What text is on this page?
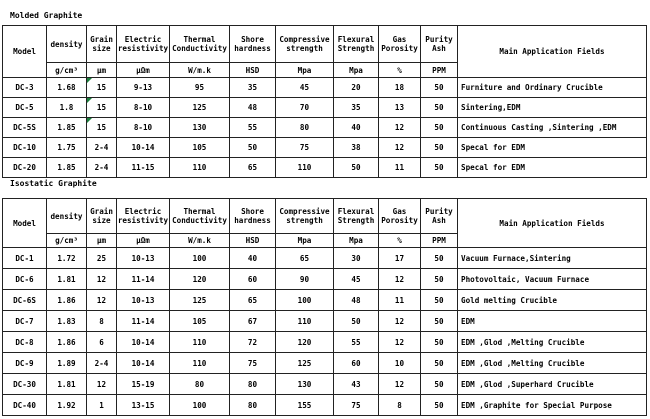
Molded Graphite
Model	density	Grain size	Electric resistivity	Thermal Conductivity	Shore hardness	Compressive strength	Flexural Strength	Gas Porosity	Purity Ash	Main Application Fields
	g/cm³	μm	μΩm	W/m.k	HSD	Mpa	Mpa	%	PPM	
DC-3	1.68	15	9-13	95	35	45	20	18	50	Furniture and Ordinary Crucible
DC-5	1.8	15	8-10	125	48	70	35	13	50	Sintering,EDM
DC-5S	1.85	15	8-10	130	55	80	40	12	50	Continuous Casting ,Sintering ,EDM
DC-10	1.75	2-4	10-14	105	50	75	38	12	50	Specal for EDM
DC-20	1.85	2-4	11-15	110	65	110	50	11	50	Specal for EDM
Isostatic Graphite
Model	density	Grain size	Electric resistivity	Thermal Conductivity	Shore hardness	Compressive strength	Flexural Strength	Gas Porosity	Purity Ash	Main Application Fields
	g/cm³	μm	μΩm	W/m.k	HSD	Mpa	Mpa	%	PPM	
DC-1	1.72	25	10-13	100	40	65	30	17	50	Vacuum Furnace,Sintering
DC-6	1.81	12	11-14	120	60	90	45	12	50	Photovoltaic, Vacuum Furnace
DC-6S	1.86	12	10-13	125	65	100	48	11	50	Gold melting Crucible
DC-7	1.83	8	11-14	105	67	110	50	12	50	EDM
DC-8	1.86	6	10-14	110	72	120	55	12	50	EDM ,Glod ,Melting Crucible
DC-9	1.89	2-4	10-14	110	75	125	60	10	50	EDM ,Glod ,Melting Crucible
DC-30	1.81	12	15-19	80	80	130	43	12	50	EDM ,Glod ,Superhard Crucible
DC-40	1.92	1	13-15	100	80	155	75	8	50	EDM ,Graphite for Special Purpose
